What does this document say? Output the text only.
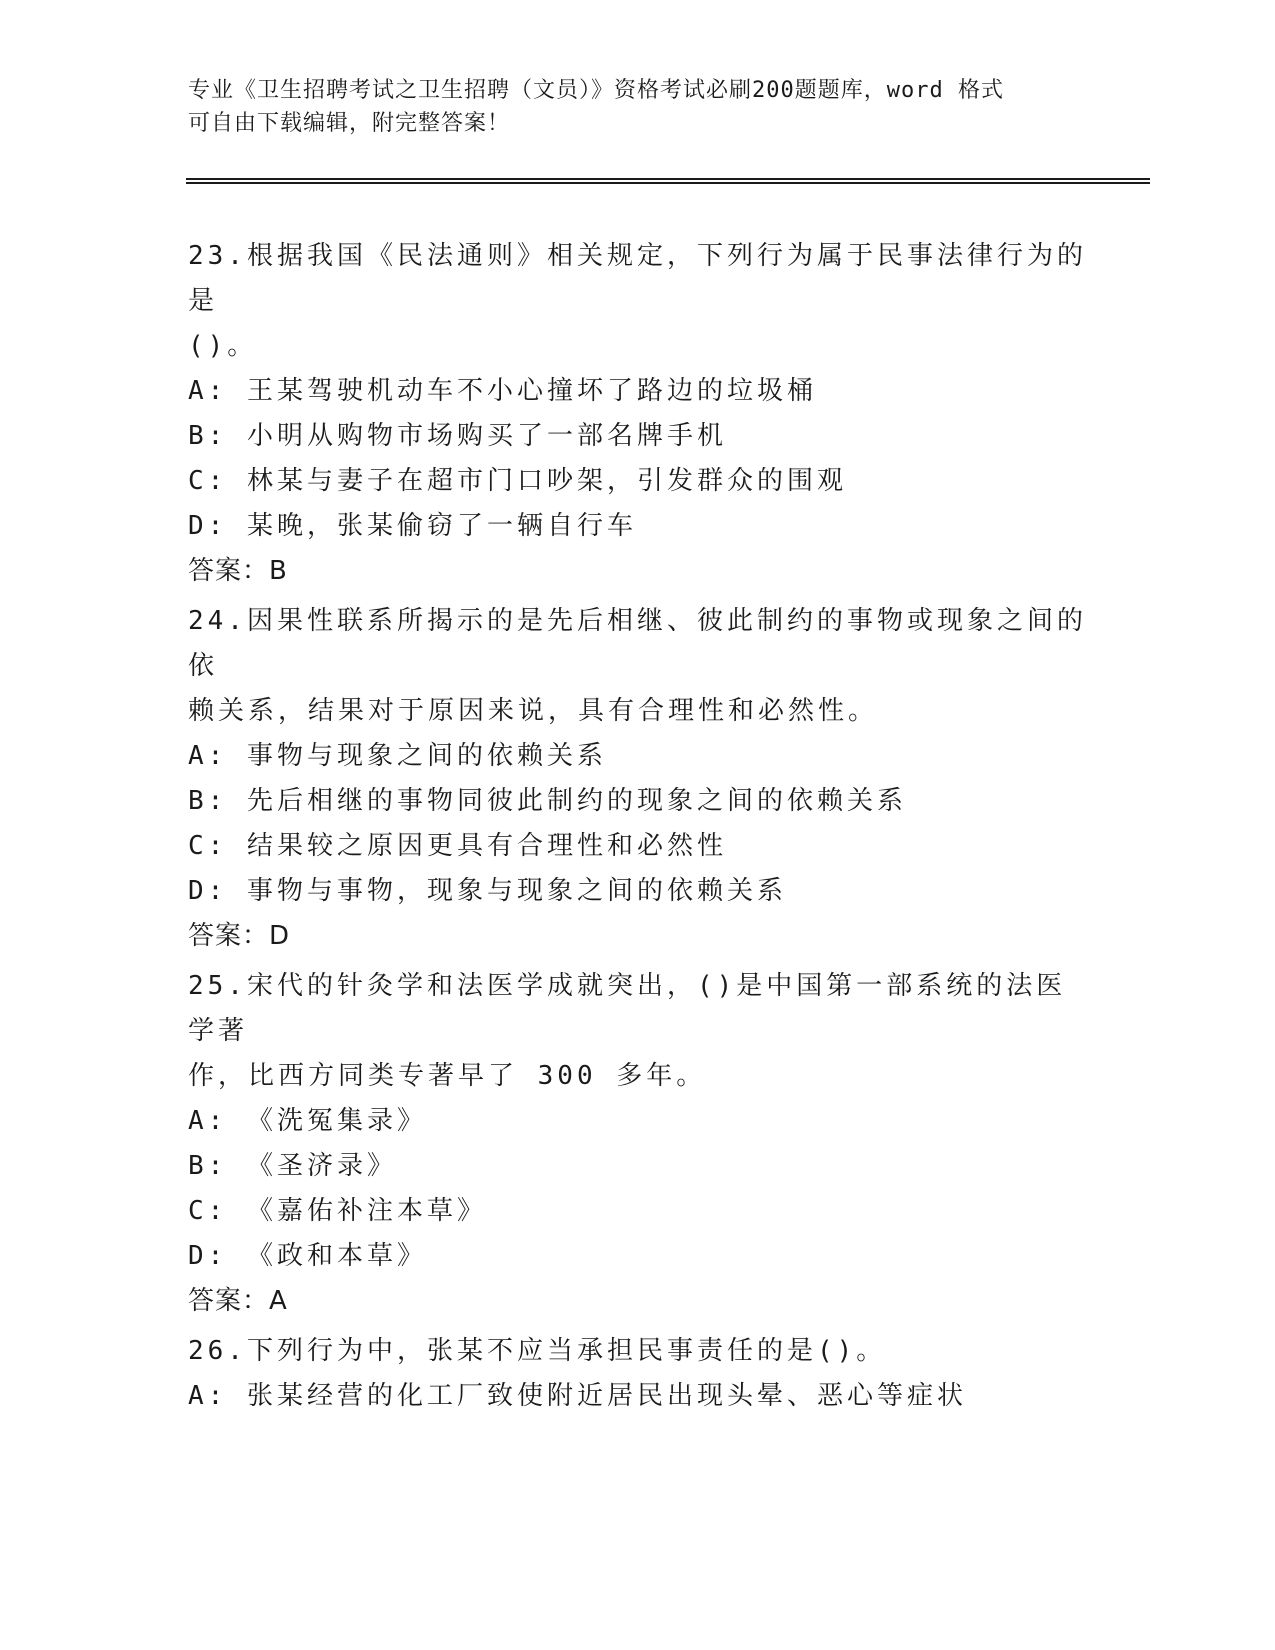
专业《卫生招聘考试之卫生招聘（文员）》资格考试必刷200题题库，word 格式
可自由下载编辑，附完整答案！

23.根据我国《民法通则》相关规定，下列行为属于民事法律行为的是

()。

A: 王某驾驶机动车不小心撞坏了路边的垃圾桶

B: 小明从购物市场购买了一部名牌手机

C: 林某与妻子在超市门口吵架，引发群众的围观

D: 某晚，张某偷窃了一辆自行车

答案：B

24.因果性联系所揭示的是先后相继、彼此制约的事物或现象之间的依

赖关系，结果对于原因来说，具有合理性和必然性。

A: 事物与现象之间的依赖关系

B: 先后相继的事物同彼此制约的现象之间的依赖关系

C: 结果较之原因更具有合理性和必然性

D: 事物与事物，现象与现象之间的依赖关系

答案：D

25.宋代的针灸学和法医学成就突出，()是中国第一部系统的法医学著

作，比西方同类专著早了 300 多年。

A: 《洗冤集录》

B: 《圣济录》

C: 《嘉佑补注本草》

D: 《政和本草》

答案：A

26.下列行为中，张某不应当承担民事责任的是()。

A: 张某经营的化工厂致使附近居民出现头晕、恶心等症状
